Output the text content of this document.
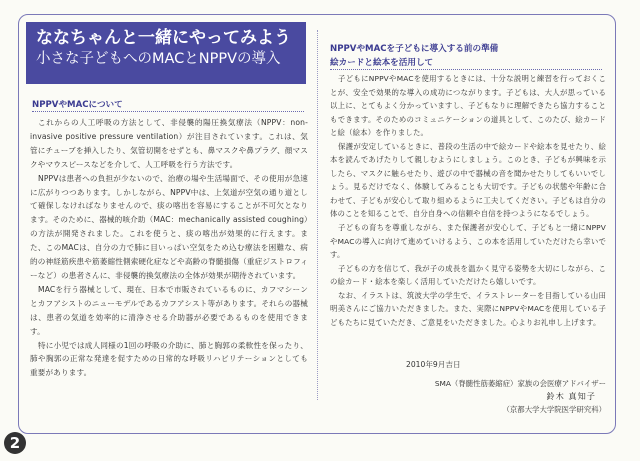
ななちゃんと一緒にやってみよう
小さな子どもへのMACとNPPVの導入
NPPVやMACについて

これからの人工呼吸の方法として、非侵襲的陽圧換気療法（NPPV：non-invasive positive pressure ventilation）が注目されています。これは、気管にチューブを挿入したり、気管切開をせずとも、鼻マスクや鼻プラグ、顔マスクやマウスピースなどを介して、人工呼吸を行う方法です。

NPPVは患者への負担が少ないので、治療の場や生活場面で、その使用が急速に広がりつつあります。しかしながら、NPPV中は、上気道が空気の通り道として確保しなければなりませんので、痰の喀出を容易にすることが不可欠となります。そのために、器械的咳介助（MAC：mechanically assisted coughing）の方法が開発されました。これを使うと、痰の喀出が効果的に行えます。また、このMACは、自分の力で肺に目いっぱい空気をため込む療法を困難な、病的の神経筋疾患や筋萎縮性側索硬化症などや高齢の脊髄損傷（重症ジストロフィーなど）の患者さんに、非侵襲的換気療法の全体が効果が期待されています。

MACを行う器械として、現在、日本で市販されているものに、カフマシーンとカフアシストのニューモデルであるカフアシスト等があります。それらの器械は、患者の気道を効率的に清浄させる介助器が必要であるものを使用できます。

特に小児では成人同様の1回の呼吸の介助に、肺と胸郭の柔軟性を保ったり、肺や胸郭の正常な発達を促すための日常的な呼吸リハビリテーションとしても重要があります。

NPPVやMACを子どもに導入する前の準備
絵カードと絵本を活用して

子どもにNPPVやMACを使用するときには、十分な説明と練習を行っておくことが、安全で効果的な導入の成功につながります。子どもは、大人が思っている以上に、とてもよく分かっていますし、子どもなりに理解できたら協力することもできます。そのためのコミュニケーションの道具として、このたび、絵カードと絵（絵本）を作りました。

保護が安定しているときに、普段の生活の中で絵カードや絵本を見せたり、絵本を読んであげたりして親しむようにしましょう。このとき、子どもが興味を示したら、マスクに触らせたり、遊びの中で器械の音を聞かせたりしてもいいでしょう。見るだけでなく、体験してみることも大切です。子どもの状態や年齢に合わせて、子どもが安心して取り組めるように工夫してください。子どもは自分の体のことを知ることで、自分自身への信頼や自信を持つようになるでしょう。

子どもの育ちを尊重しながら、また保護者が安心して、子どもと一緒にNPPVやMACの導入に向けて進めていけるよう、この本を活用していただけたら幸いです。

子どもの方を信じて、我が子の成長を温かく見守る姿勢を大切にしながら、この絵カード・絵本を楽しく活用していただけたら嬉しいです。

なお、イラストは、筑波大学の学生で、イラストレーターを目指している山田明美さんにご協力いただきました。また、実際にNPPVやMACを使用している子どもたちに見ていただき、ご意見をいただきました。心よりお礼申し上げます。

2010年9月吉日
SMA（脊髄性筋萎縮症）家族の会医療アドバイザー
鈴木 真知子
（京都大学大学院医学研究科）
2
